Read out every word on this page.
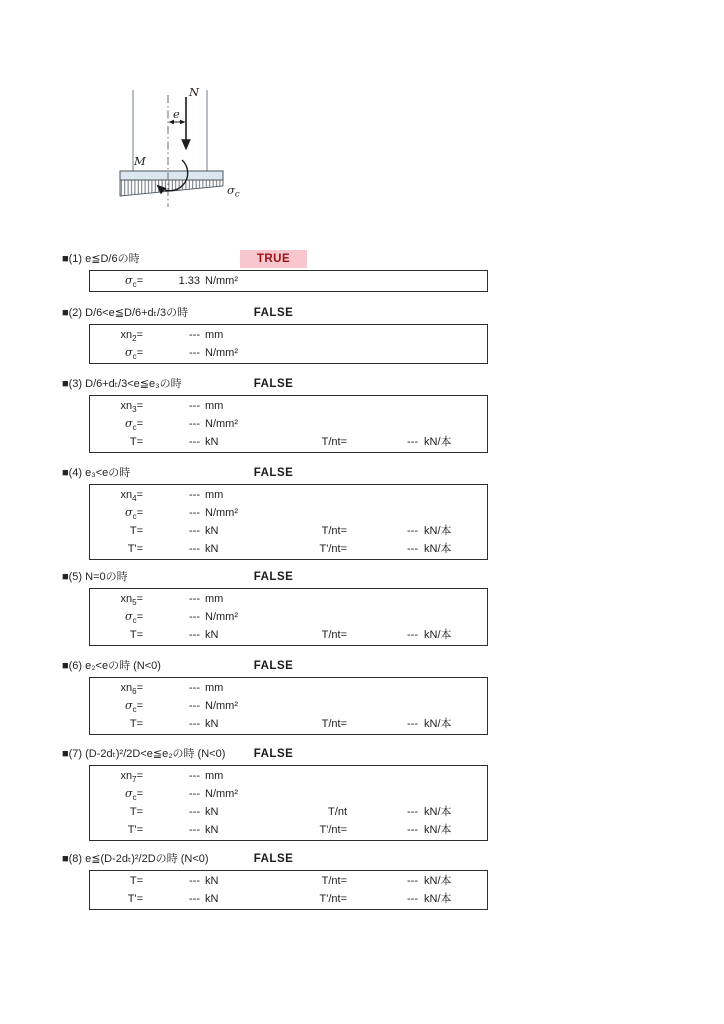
N
e
M
$\sigma_c$
■(1) e≦D/6の時	TRUE
$\sigma_c=$	1.33 N/mm²
■(2) D/6<e≦D/6+dₜ/3の時	FALSE
$xn_2=$	--- mm
$\sigma_c=$	--- N/mm²
■(3) D/6+dₜ/3<e≦e₃の時	FALSE
$xn_3=$	--- mm
$\sigma_c=$	--- N/mm²
T=	--- kN	T/nt=	--- kN/本
■(4) e₃<eの時	FALSE
$xn_4=$	--- mm
$\sigma_c=$	--- N/mm²
T=	--- kN	T/nt=	--- kN/本
T'=	--- kN	T'/nt=	--- kN/本
■(5) N=0の時	FALSE
$xn_5=$	--- mm
$\sigma_c=$	--- N/mm²
T=	--- kN	T/nt=	--- kN/本
■(6) e₂<eの時 (N<0)	FALSE
$xn_6=$	--- mm
$\sigma_c=$	--- N/mm²
T=	--- kN	T/nt=	--- kN/本
■(7) (D-2dₜ)²/2D<e≦e₂の時 (N<0)	FALSE
$xn_7=$	--- mm
$\sigma_c=$	--- N/mm²
T=	--- kN	T/nt	--- kN/本
T'=	--- kN	T'/nt=	--- kN/本
■(8) e≦(D-2dₜ)²/2Dの時 (N<0)	FALSE
T=	--- kN	T/nt=	--- kN/本
T'=	--- kN	T'/nt=	--- kN/本
